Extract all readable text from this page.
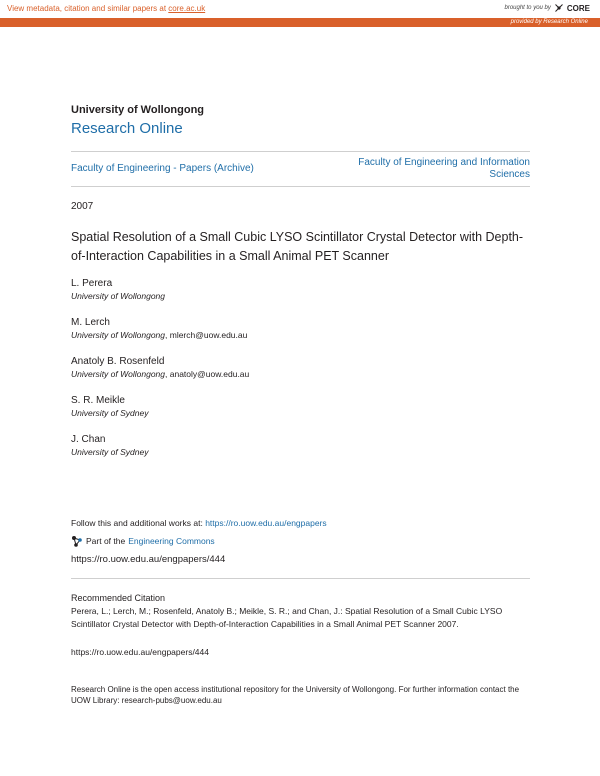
View metadata, citation and similar papers at core.ac.uk	brought to you by CORE
provided by Research Online
University of Wollongong
Research Online
Faculty of Engineering - Papers (Archive)
Faculty of Engineering and Information Sciences
2007
Spatial Resolution of a Small Cubic LYSO Scintillator Crystal Detector with Depth-of-Interaction Capabilities in a Small Animal PET Scanner
L. Perera
University of Wollongong
M. Lerch
University of Wollongong, mlerch@uow.edu.au
Anatoly B. Rosenfeld
University of Wollongong, anatoly@uow.edu.au
S. R. Meikle
University of Sydney
J. Chan
University of Sydney
Follow this and additional works at: https://ro.uow.edu.au/engpapers
Part of the Engineering Commons
https://ro.uow.edu.au/engpapers/444
Recommended Citation
Perera, L.; Lerch, M.; Rosenfeld, Anatoly B.; Meikle, S. R.; and Chan, J.: Spatial Resolution of a Small Cubic LYSO Scintillator Crystal Detector with Depth-of-Interaction Capabilities in a Small Animal PET Scanner 2007.
https://ro.uow.edu.au/engpapers/444
Research Online is the open access institutional repository for the University of Wollongong. For further information contact the UOW Library: research-pubs@uow.edu.au
